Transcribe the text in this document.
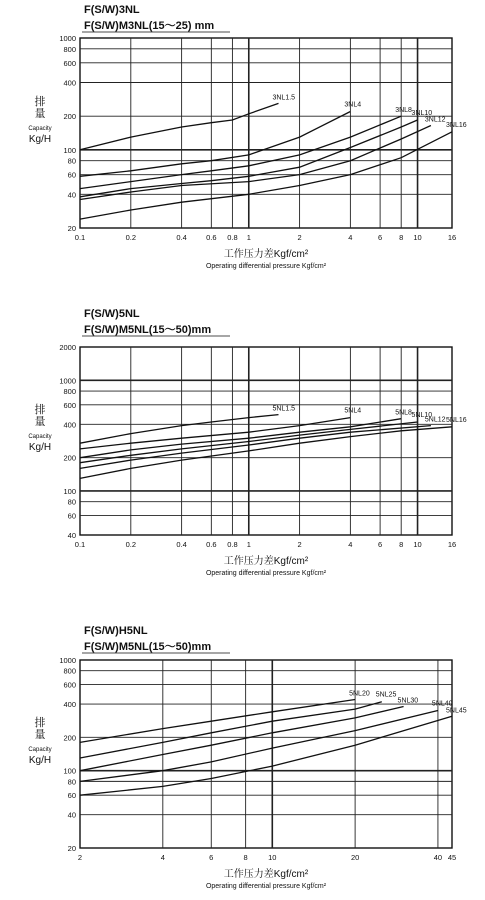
F(S/W)3NL
F(S/W)M3NL(15～25) mm
0.1	0.2	0.4	0.6 0.8 1	2	4	6 8 10	16
20
40
60
80
100
200
400
600
800
1000
排
量
Capacity
Kg/H
工作压力差Kgf/cm²
Operating differential pressure Kgf/cm²
3NL1.5
3NL4
3NL8 3NL10
3NL12
3NL16
F(S/W)5NL
F(S/W)M5NL(15～50)mm
0.1	0.2	0.4	0.6 0.8 1	2	4	6 8 10	16
40
60
80
100
200
400
600
800
1000
2000
排
量
Capacity
Kg/H
工作压力差Kgf/cm²
Operating differential pressure Kgf/cm²
5NL1.5	5NL4	5NL8 5NL10
5NL12 5NL16
F(S/W)H5NL
F(S/W)M5NL(15～50)mm
2	4	6	8	10	20	40 45
20
40
60
80
100
200
400
600
800
1000
排
量
Capacity
Kg/H
工作压力差Kgf/cm²
Operating differential pressure Kgf/cm²
5NL20 5NL25
5NL30 5NL40
5NL45
